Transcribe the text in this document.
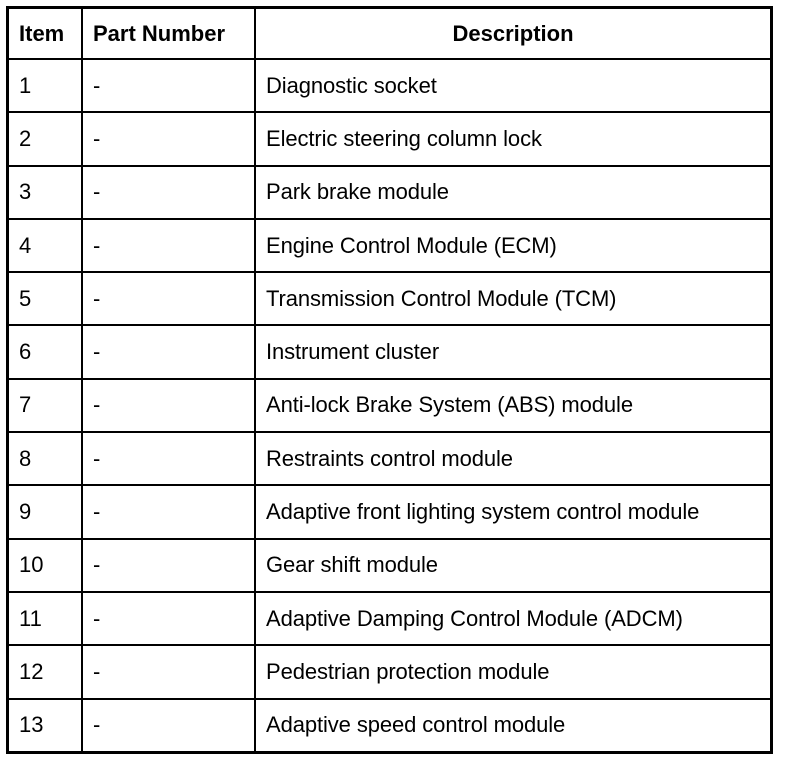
Item	Part Number	Description
1	-	Diagnostic socket
2	-	Electric steering column lock
3	-	Park brake module
4	-	Engine Control Module (ECM)
5	-	Transmission Control Module (TCM)
6	-	Instrument cluster
7	-	Anti-lock Brake System (ABS) module
8	-	Restraints control module
9	-	Adaptive front lighting system control module
10	-	Gear shift module
11	-	Adaptive Damping Control Module (ADCM)
12	-	Pedestrian protection module
13	-	Adaptive speed control module
